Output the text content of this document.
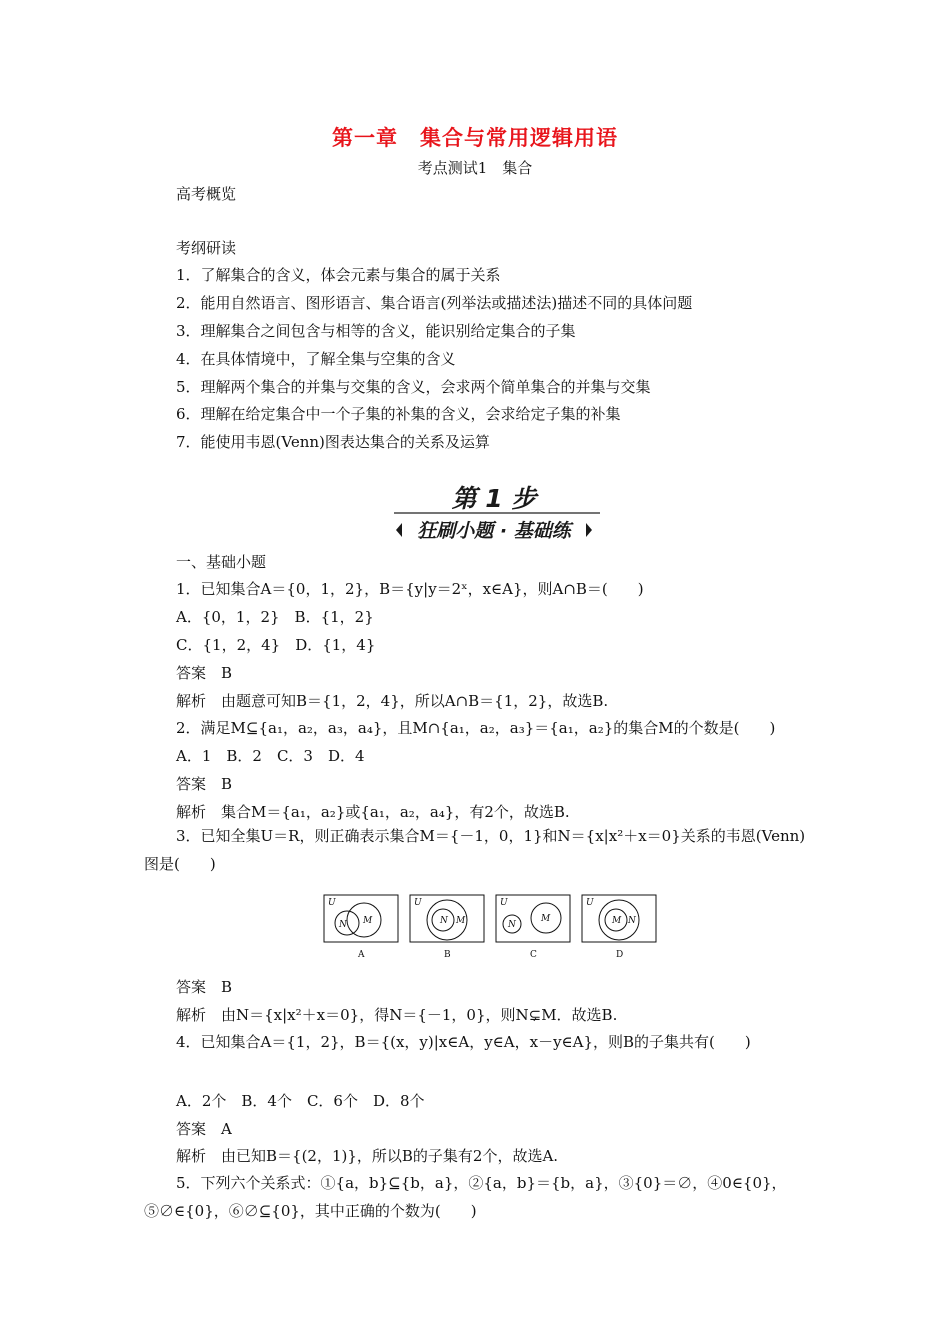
第一章　集合与常用逻辑用语
考点测试1　集合
高考概览
考纲研读
1．了解集合的含义，体会元素与集合的属于关系
2．能用自然语言、图形语言、集合语言(列举法或描述法)描述不同的具体问题
3．理解集合之间包含与相等的含义，能识别给定集合的子集
4．在具体情境中，了解全集与空集的含义
5．理解两个集合的并集与交集的含义，会求两个简单集合的并集与交集
6．理解在给定集合中一个子集的补集的含义，会求给定子集的补集
7．能使用韦恩(Venn)图表达集合的关系及运算
第 1 步
狂刷小题 · 基础练
一、基础小题
1．已知集合A＝{0，1，2}，B＝{y|y＝2ˣ，x∈A}，则A∩B＝(　　)
A．{0，1，2}　B．{1，2}
C．{1，2，4}　D．{1，4}
答案　B
解析　由题意可知B＝{1，2，4}，所以A∩B＝{1，2}，故选B.
2．满足M⊆{a₁，a₂，a₃，a₄}，且M∩{a₁，a₂，a₃}＝{a₁，a₂}的集合M的个数是(　　)
A．1　B．2　C．3　D．4
答案　B
解析　集合M＝{a₁，a₂}或{a₁，a₂，a₄}，有2个，故选B.
3．已知全集U＝R，则正确表示集合M＝{－1，0，1}和N＝{x|x²＋x＝0}关系的韦恩(Venn)图是(　　)
U
M
N
A
U
N M
B
U
N
M
C
U
M N
D
答案　B
解析　由N＝{x|x²＋x＝0}，得N＝{－1，0}，则N⊊M．故选B.
4．已知集合A＝{1，2}，B＝{(x，y)|x∈A，y∈A，x－y∈A}，则B的子集共有(　　)
A．2个　B．4个　C．6个　D．8个
答案　A
解析　由已知B＝{(2，1)}，所以B的子集有2个，故选A.
5．下列六个关系式：①{a，b}⊆{b，a}，②{a，b}＝{b，a}，③{0}＝∅，④0∈{0}，⑤∅∈{0}，⑥∅⊆{0}，其中正确的个数为(　　)
